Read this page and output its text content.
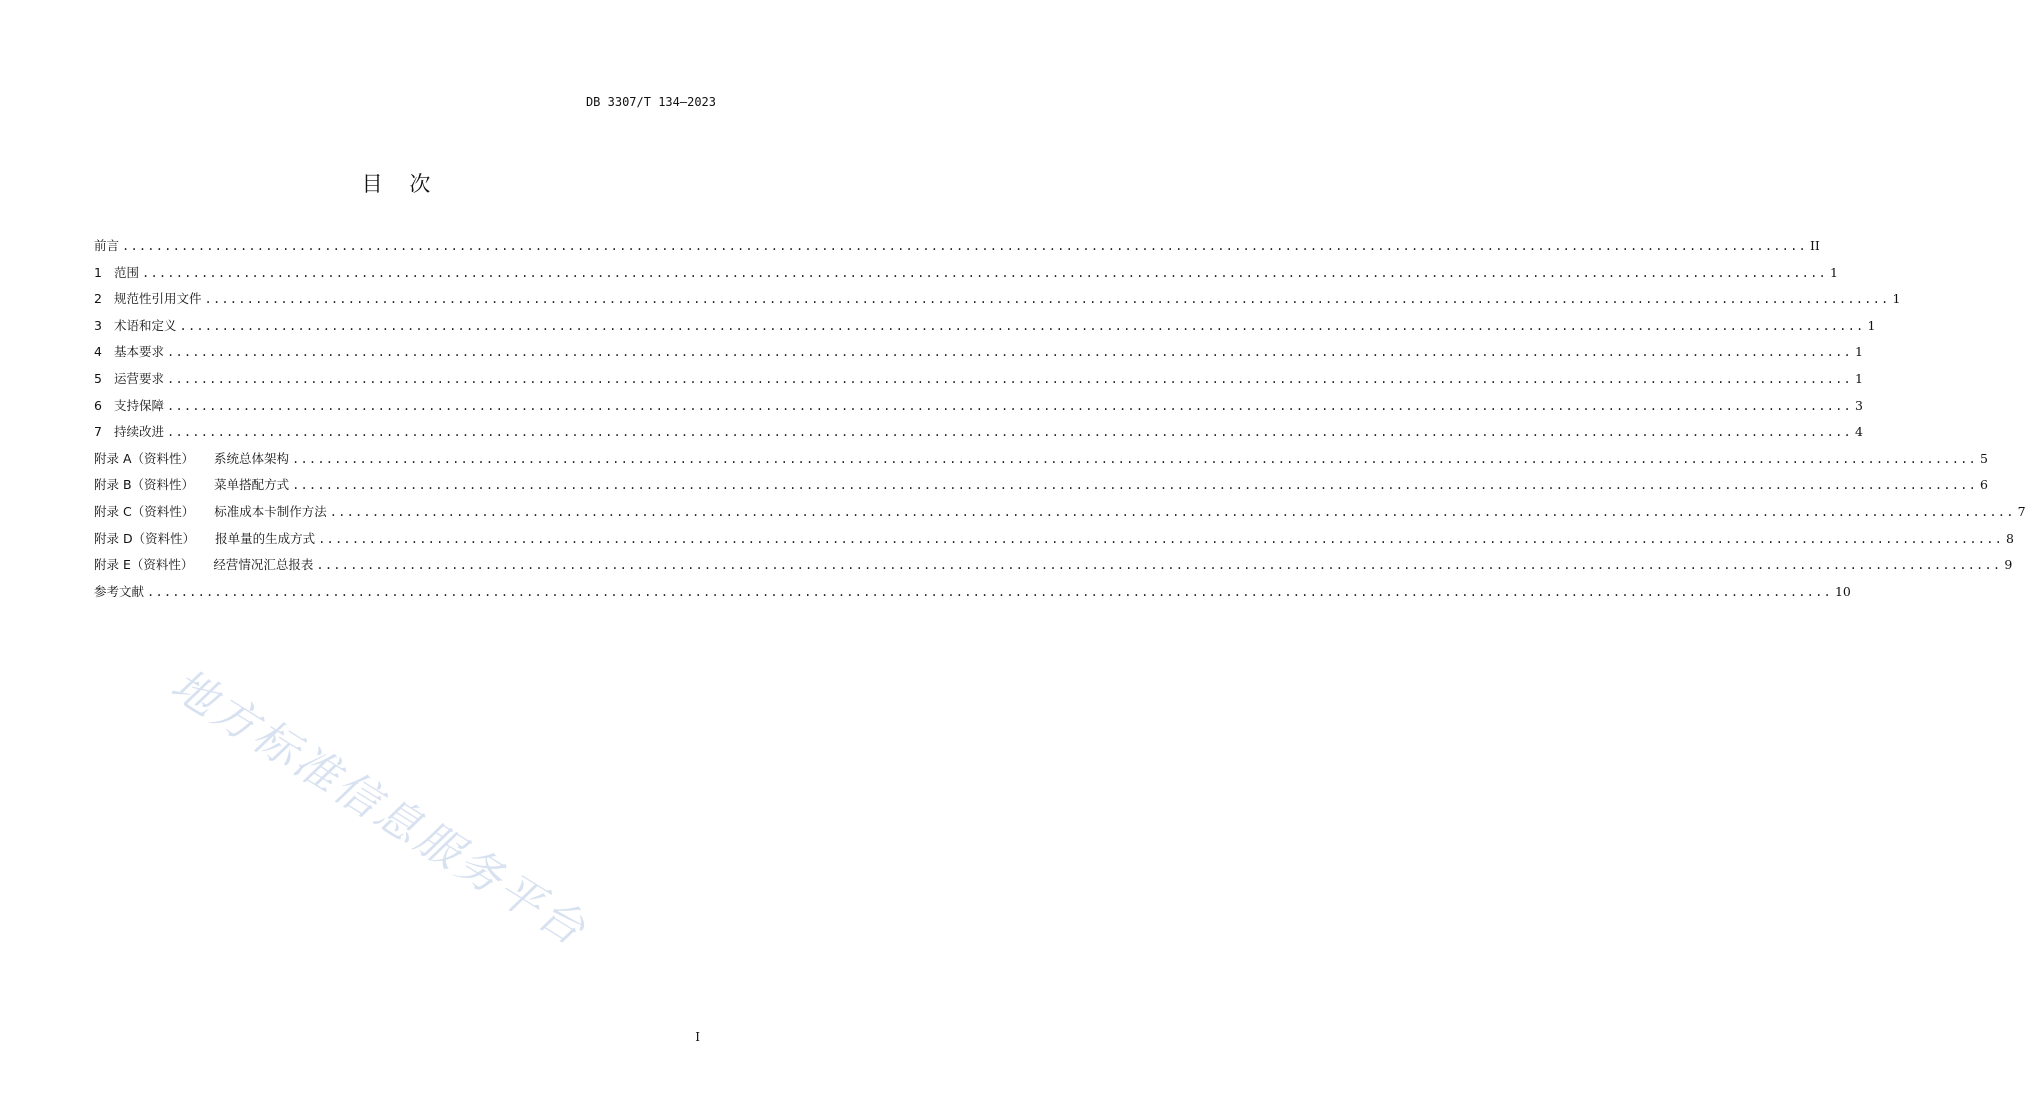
DB 3307/T 134—2023
目    次
前言 ........................................................................................................................................................................................................ II
1 范围 ........................................................................................................................................................................................................ 1
2 规范性引用文件 ........................................................................................................................................................................................................ 1
3 术语和定义 ........................................................................................................................................................................................................ 1
4 基本要求 ........................................................................................................................................................................................................ 1
5 运营要求 ........................................................................................................................................................................................................ 1
6 支持保障 ........................................................................................................................................................................................................ 3
7 持续改进 ........................................................................................................................................................................................................ 4
附录 A（资料性） 系统总体架构 ........................................................................................................................................................................................................ 5
附录 B（资料性） 菜单搭配方式 ........................................................................................................................................................................................................ 6
附录 C（资料性） 标准成本卡制作方法 ........................................................................................................................................................................................................ 7
附录 D（资料性） 报单量的生成方式 ........................................................................................................................................................................................................ 8
附录 E（资料性） 经营情况汇总报表 ........................................................................................................................................................................................................ 9
参考文献 ........................................................................................................................................................................................................ 10
地方标准信息服务平台
I
